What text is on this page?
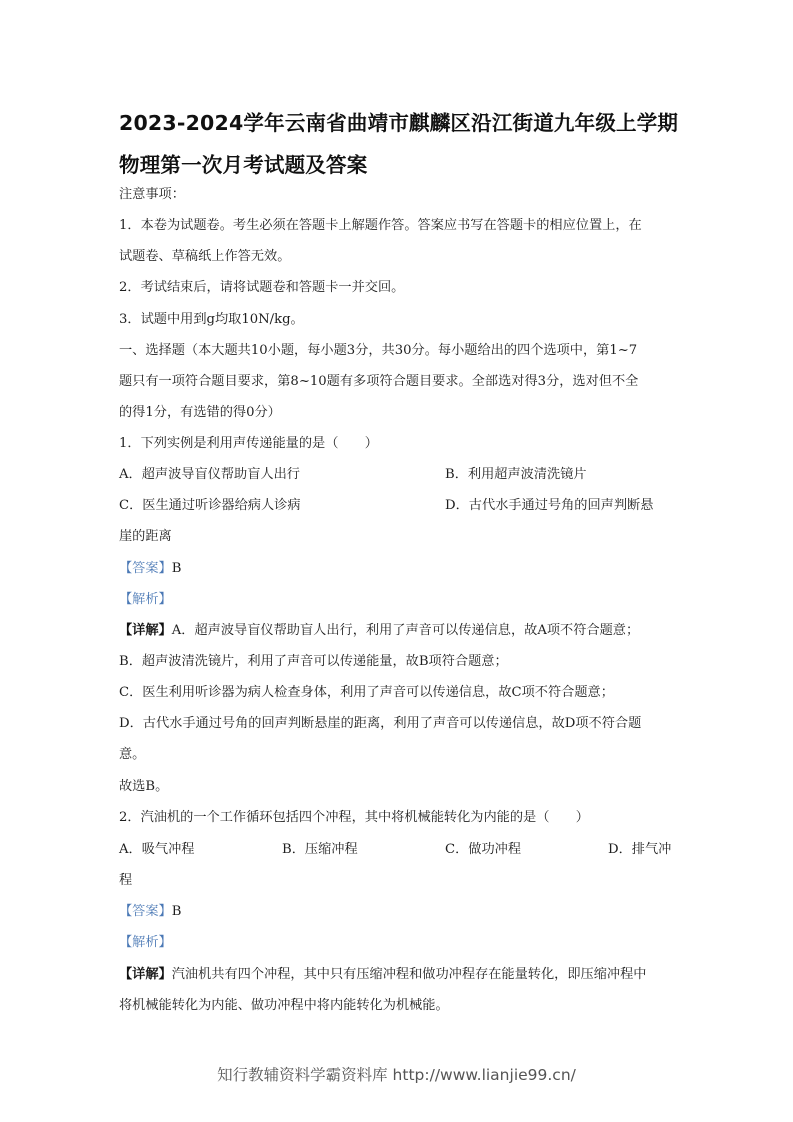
2023-2024学年云南省曲靖市麒麟区沿江街道九年级上学期
物理第一次月考试题及答案
注意事项：
1．本卷为试题卷。考生必须在答题卡上解题作答。答案应书写在答题卡的相应位置上，在
试题卷、草稿纸上作答无效。
2．考试结束后，请将试题卷和答题卡一并交回。
3．试题中用到g均取10N/kg。
一、选择题（本大题共10小题，每小题3分，共30分。每小题给出的四个选项中，第1~7
题只有一项符合题目要求，第8~10题有多项符合题目要求。全部选对得3分，选对但不全
的得1分，有选错的得0分）
1．下列实例是利用声传递能量的是（　　）
A．超声波导盲仪帮助盲人出行	B．利用超声波清洗镜片
C．医生通过听诊器给病人诊病	D．古代水手通过号角的回声判断悬
崖的距离
【答案】B
【解析】
【详解】A．超声波导盲仪帮助盲人出行，利用了声音可以传递信息，故A项不符合题意；
B．超声波清洗镜片，利用了声音可以传递能量，故B项符合题意；
C．医生利用听诊器为病人检查身体，利用了声音可以传递信息，故C项不符合题意；
D．古代水手通过号角的回声判断悬崖的距离，利用了声音可以传递信息，故D项不符合题
意。
故选B。
2．汽油机的一个工作循环包括四个冲程，其中将机械能转化为内能的是（　　）
A．吸气冲程	B．压缩冲程	C．做功冲程	D．排气冲
程
【答案】B
【解析】
【详解】汽油机共有四个冲程，其中只有压缩冲程和做功冲程存在能量转化，即压缩冲程中
将机械能转化为内能、做功冲程中将内能转化为机械能。
知行教辅资料学霸资料库 http://www.lianjie99.cn/
